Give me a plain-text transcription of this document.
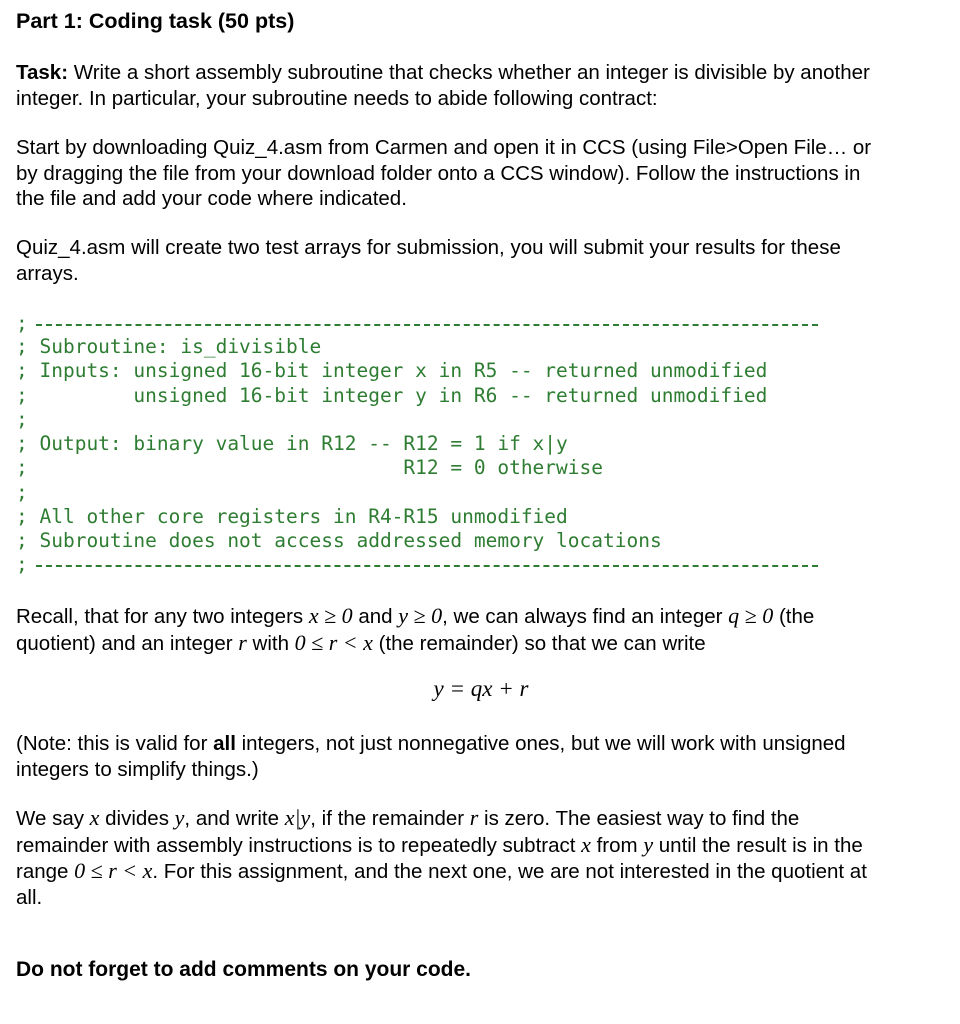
Part 1: Coding task (50 pts)
Task: Write a short assembly subroutine that checks whether an integer is divisible by another
integer. In particular, your subroutine needs to abide following contract:
Start by downloading Quiz_4.asm from Carmen and open it in CCS (using File>Open File… or
by dragging the file from your download folder onto a CCS window). Follow the instructions in
the file and add your code where indicated.
Quiz_4.asm will create two test arrays for submission, you will submit your results for these
arrays.
;
; Subroutine: is_divisible
; Inputs: unsigned 16-bit integer x in R5 -- returned unmodified
;         unsigned 16-bit integer y in R6 -- returned unmodified
;
; Output: binary value in R12 -- R12 = 1 if x|y
;                                R12 = 0 otherwise
;
; All other core registers in R4-R15 unmodified
; Subroutine does not access addressed memory locations
;
Recall, that for any two integers x ≥ 0 and y ≥ 0, we can always find an integer q ≥ 0 (the
quotient) and an integer r with 0 ≤ r < x (the remainder) so that we can write
y = qx + r
(Note: this is valid for all integers, not just nonnegative ones, but we will work with unsigned
integers to simplify things.)
We say x divides y, and write x|y, if the remainder r is zero. The easiest way to find the
remainder with assembly instructions is to repeatedly subtract x from y until the result is in the
range 0 ≤ r < x. For this assignment, and the next one, we are not interested in the quotient at
all.
Do not forget to add comments on your code.
